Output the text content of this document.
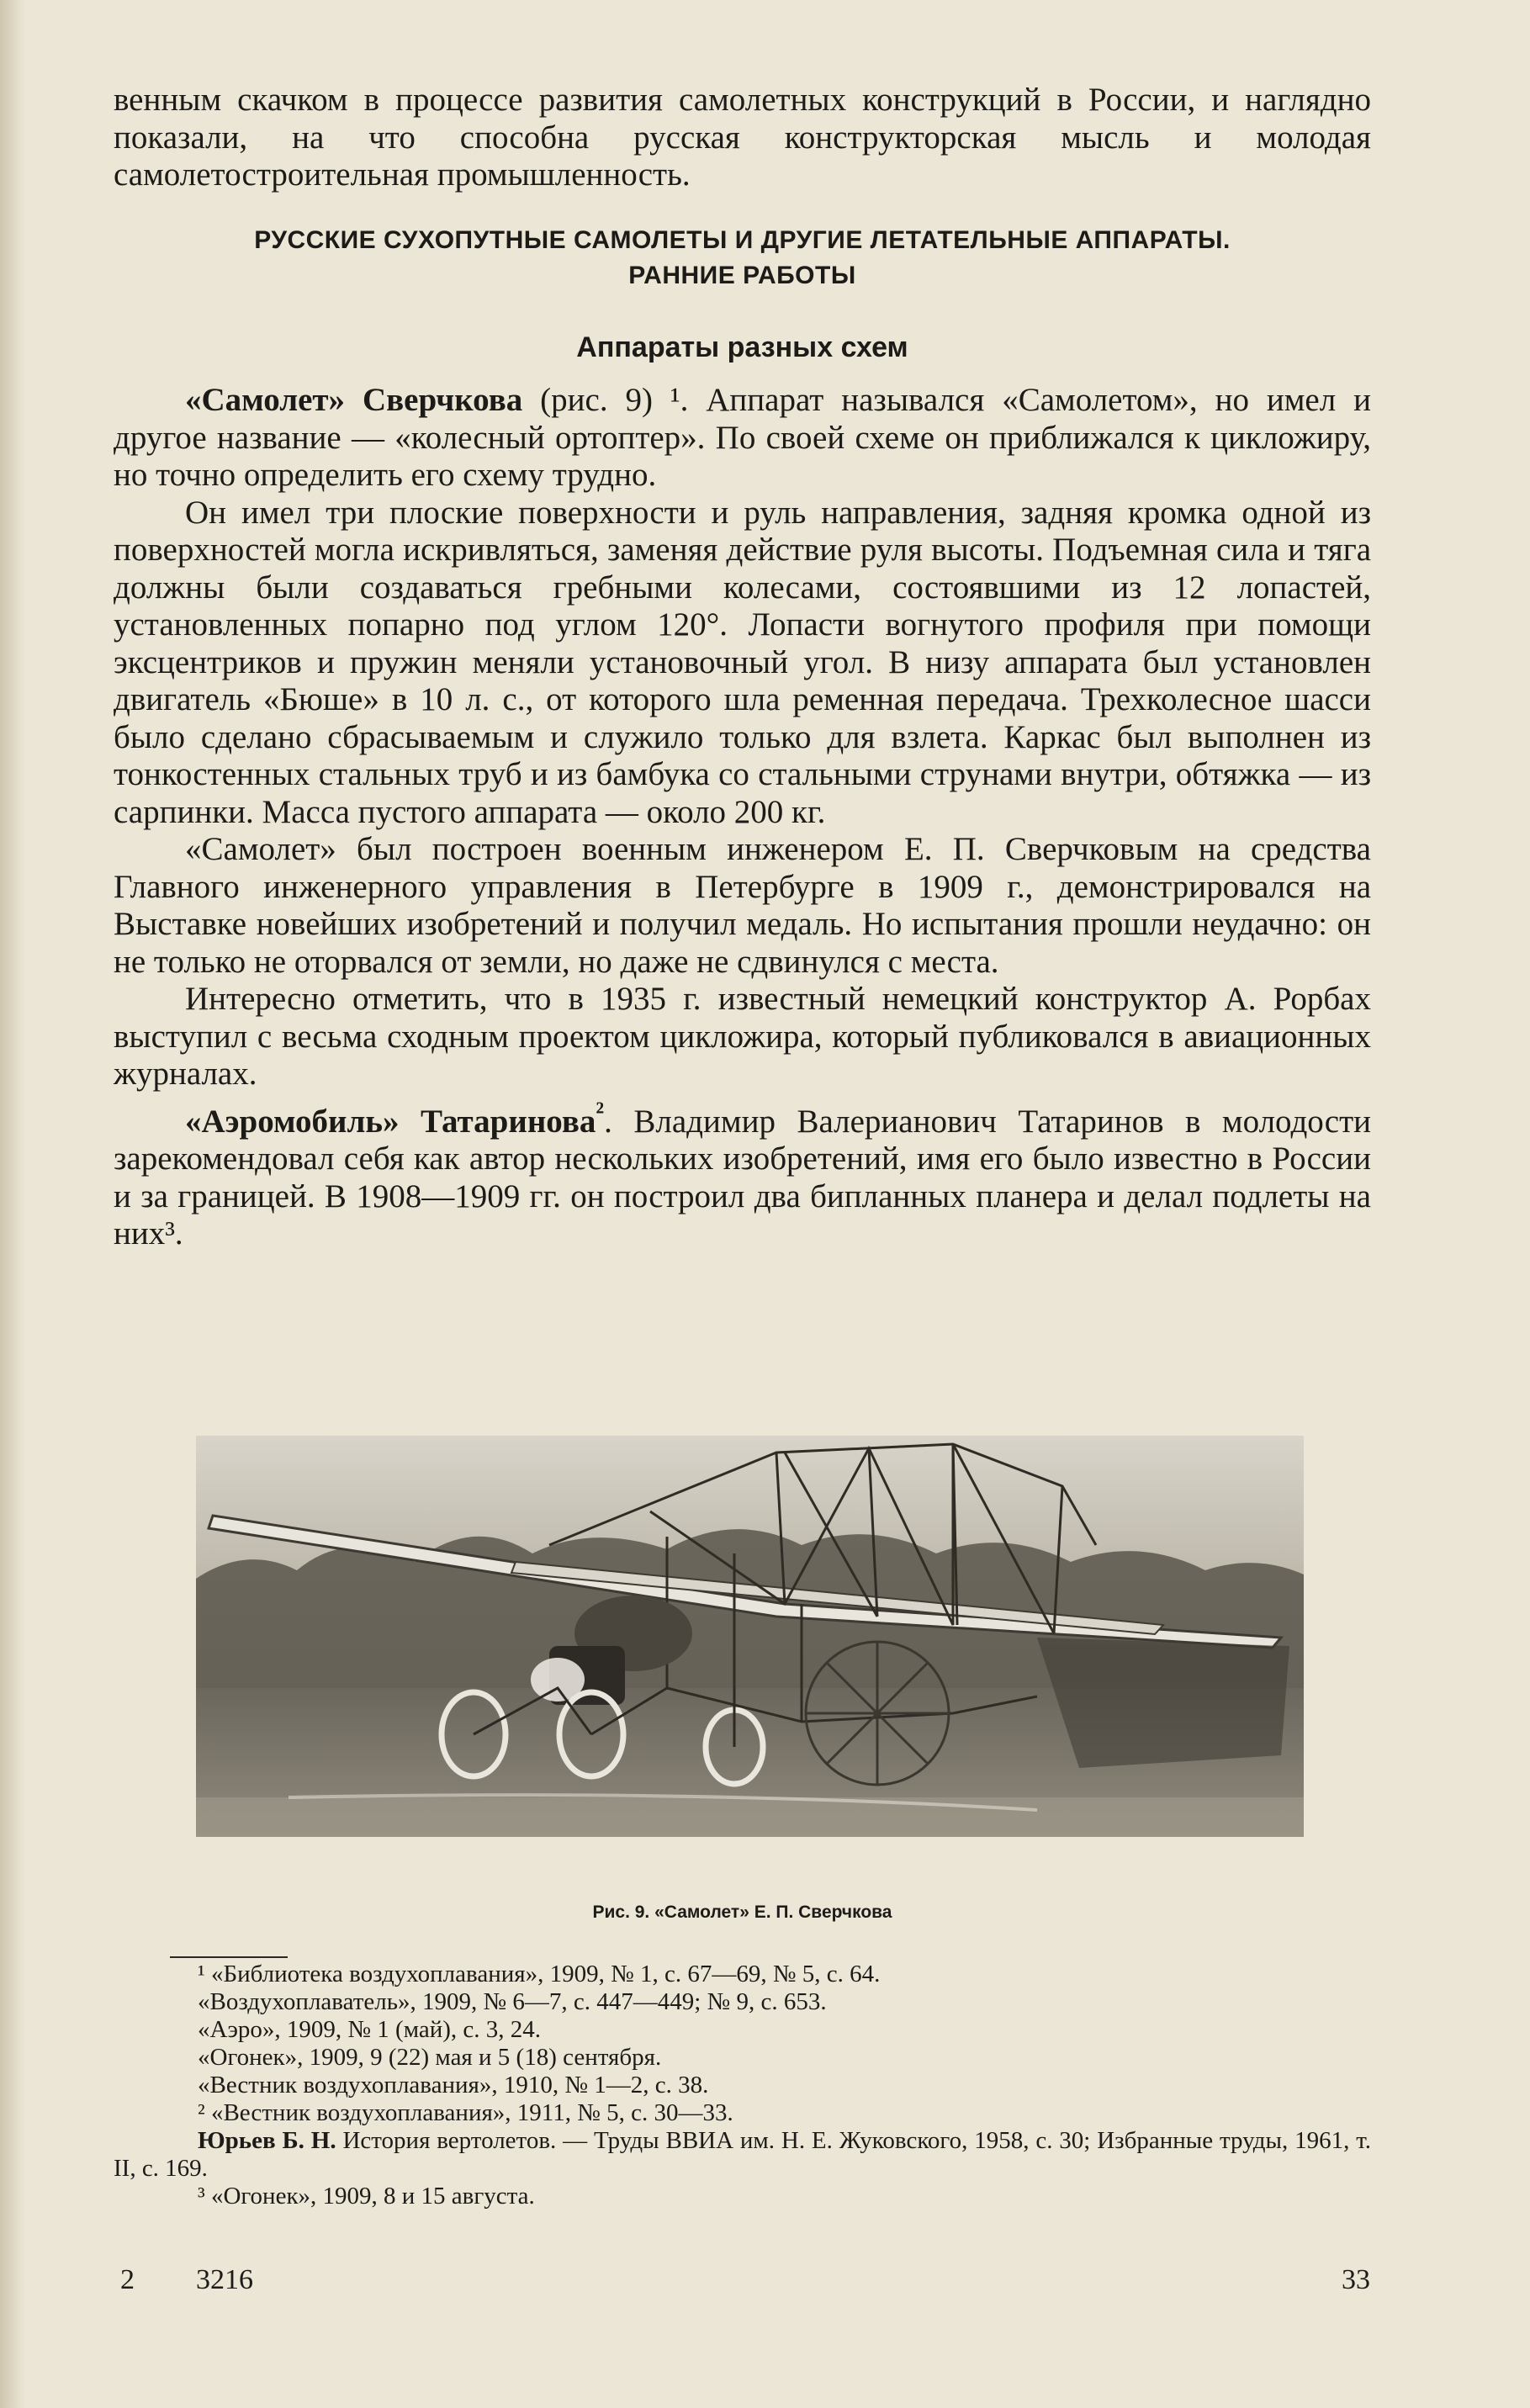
венным скачком в процессе развития самолетных конструкций в России, и наглядно показали, на что способна русская конструкторская мысль и молодая самолетостроительная промышленность.

РУССКИЕ СУХОПУТНЫЕ САМОЛЕТЫ И ДРУГИЕ ЛЕТАТЕЛЬНЫЕ АППАРАТЫ.
РАННИЕ РАБОТЫ
Аппараты разных схем

«Самолет» Сверчкова (рис. 9) ¹. Аппарат назывался «Самолетом», но имел и другое название — «колесный ортоптер». По своей схеме он приближался к цикложиру, но точно определить его схему трудно.

Он имел три плоские поверхности и руль направления, задняя кромка одной из поверхностей могла искривляться, заменяя действие руля высоты. Подъемная сила и тяга должны были создаваться гребными колесами, состоявшими из 12 лопастей, установленных попарно под углом 120°. Лопасти вогнутого профиля при помощи эксцентриков и пружин меняли установочный угол. В низу аппарата был установлен двигатель «Бюше» в 10 л. с., от которого шла ременная передача. Трехколесное шасси было сделано сбрасываемым и служило только для взлета. Каркас был выполнен из тонкостенных стальных труб и из бамбука со стальными струнами внутри, обтяжка — из сарпинки. Масса пустого аппарата — около 200 кг.

«Самолет» был построен военным инженером Е. П. Сверчковым на средства Главного инженерного управления в Петербурге в 1909 г., демонстрировался на Выставке новейших изобретений и получил медаль. Но испытания прошли неудачно: он не только не оторвался от земли, но даже не сдвинулся с места.

Интересно отметить, что в 1935 г. известный немецкий конструктор А. Рорбах выступил с весьма сходным проектом цикложира, который публиковался в авиационных журналах.

«Аэромобиль» Татаринова$^{^2}$. Владимир Валерианович Татаринов в молодости зарекомендовал себя как автор нескольких изобретений, имя его было известно в России и за границей. В 1908—1909 гг. он построил два бипланных планера и делал подлеты на них³.

Рис. 9. «Самолет» Е. П. Сверчкова
¹ «Библиотека воздухоплавания», 1909, № 1, с. 67—69, № 5, с. 64.
«Воздухоплаватель», 1909, № 6—7, с. 447—449; № 9, с. 653.
«Аэро», 1909, № 1 (май), с. 3, 24.
«Огонек», 1909, 9 (22) мая и 5 (18) сентября.
«Вестник воздухоплавания», 1910, № 1—2, с. 38.
² «Вестник воздухоплавания», 1911, № 5, с. 30—33.
Юрьев Б. Н. История вертолетов. — Труды ВВИА им. Н. Е. Жуковского, 1958, с. 30; Избранные труды, 1961, т. II, с. 169.
³ «Огонек», 1909, 8 и 15 августа.
2 3216	33
